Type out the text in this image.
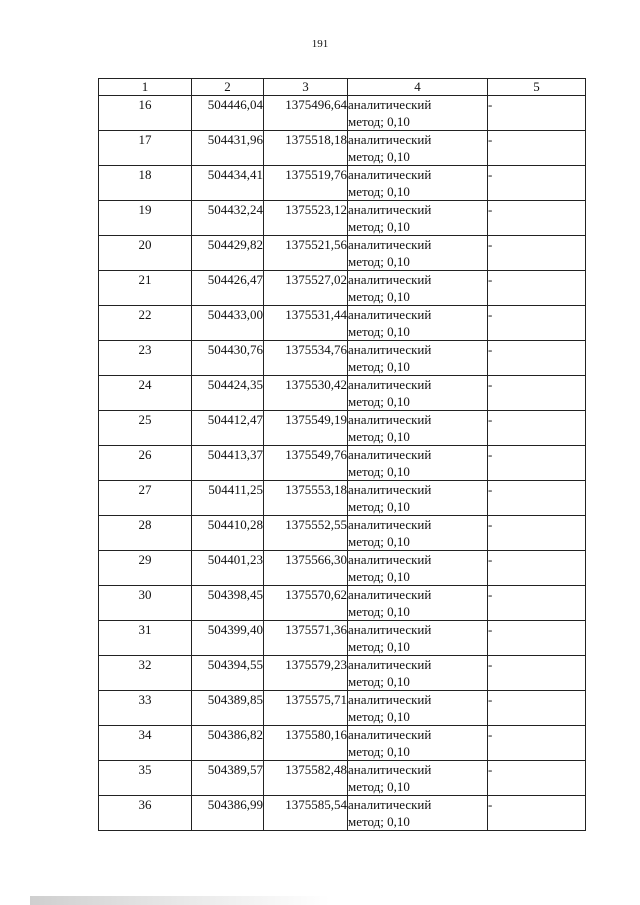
191
1	2	3	4	5
16	504446,04	1375496,64	аналитический
метод; 0,10	-
17	504431,96	1375518,18	аналитический
метод; 0,10	-
18	504434,41	1375519,76	аналитический
метод; 0,10	-
19	504432,24	1375523,12	аналитический
метод; 0,10	-
20	504429,82	1375521,56	аналитический
метод; 0,10	-
21	504426,47	1375527,02	аналитический
метод; 0,10	-
22	504433,00	1375531,44	аналитический
метод; 0,10	-
23	504430,76	1375534,76	аналитический
метод; 0,10	-
24	504424,35	1375530,42	аналитический
метод; 0,10	-
25	504412,47	1375549,19	аналитический
метод; 0,10	-
26	504413,37	1375549,76	аналитический
метод; 0,10	-
27	504411,25	1375553,18	аналитический
метод; 0,10	-
28	504410,28	1375552,55	аналитический
метод; 0,10	-
29	504401,23	1375566,30	аналитический
метод; 0,10	-
30	504398,45	1375570,62	аналитический
метод; 0,10	-
31	504399,40	1375571,36	аналитический
метод; 0,10	-
32	504394,55	1375579,23	аналитический
метод; 0,10	-
33	504389,85	1375575,71	аналитический
метод; 0,10	-
34	504386,82	1375580,16	аналитический
метод; 0,10	-
35	504389,57	1375582,48	аналитический
метод; 0,10	-
36	504386,99	1375585,54	аналитический
метод; 0,10	-
